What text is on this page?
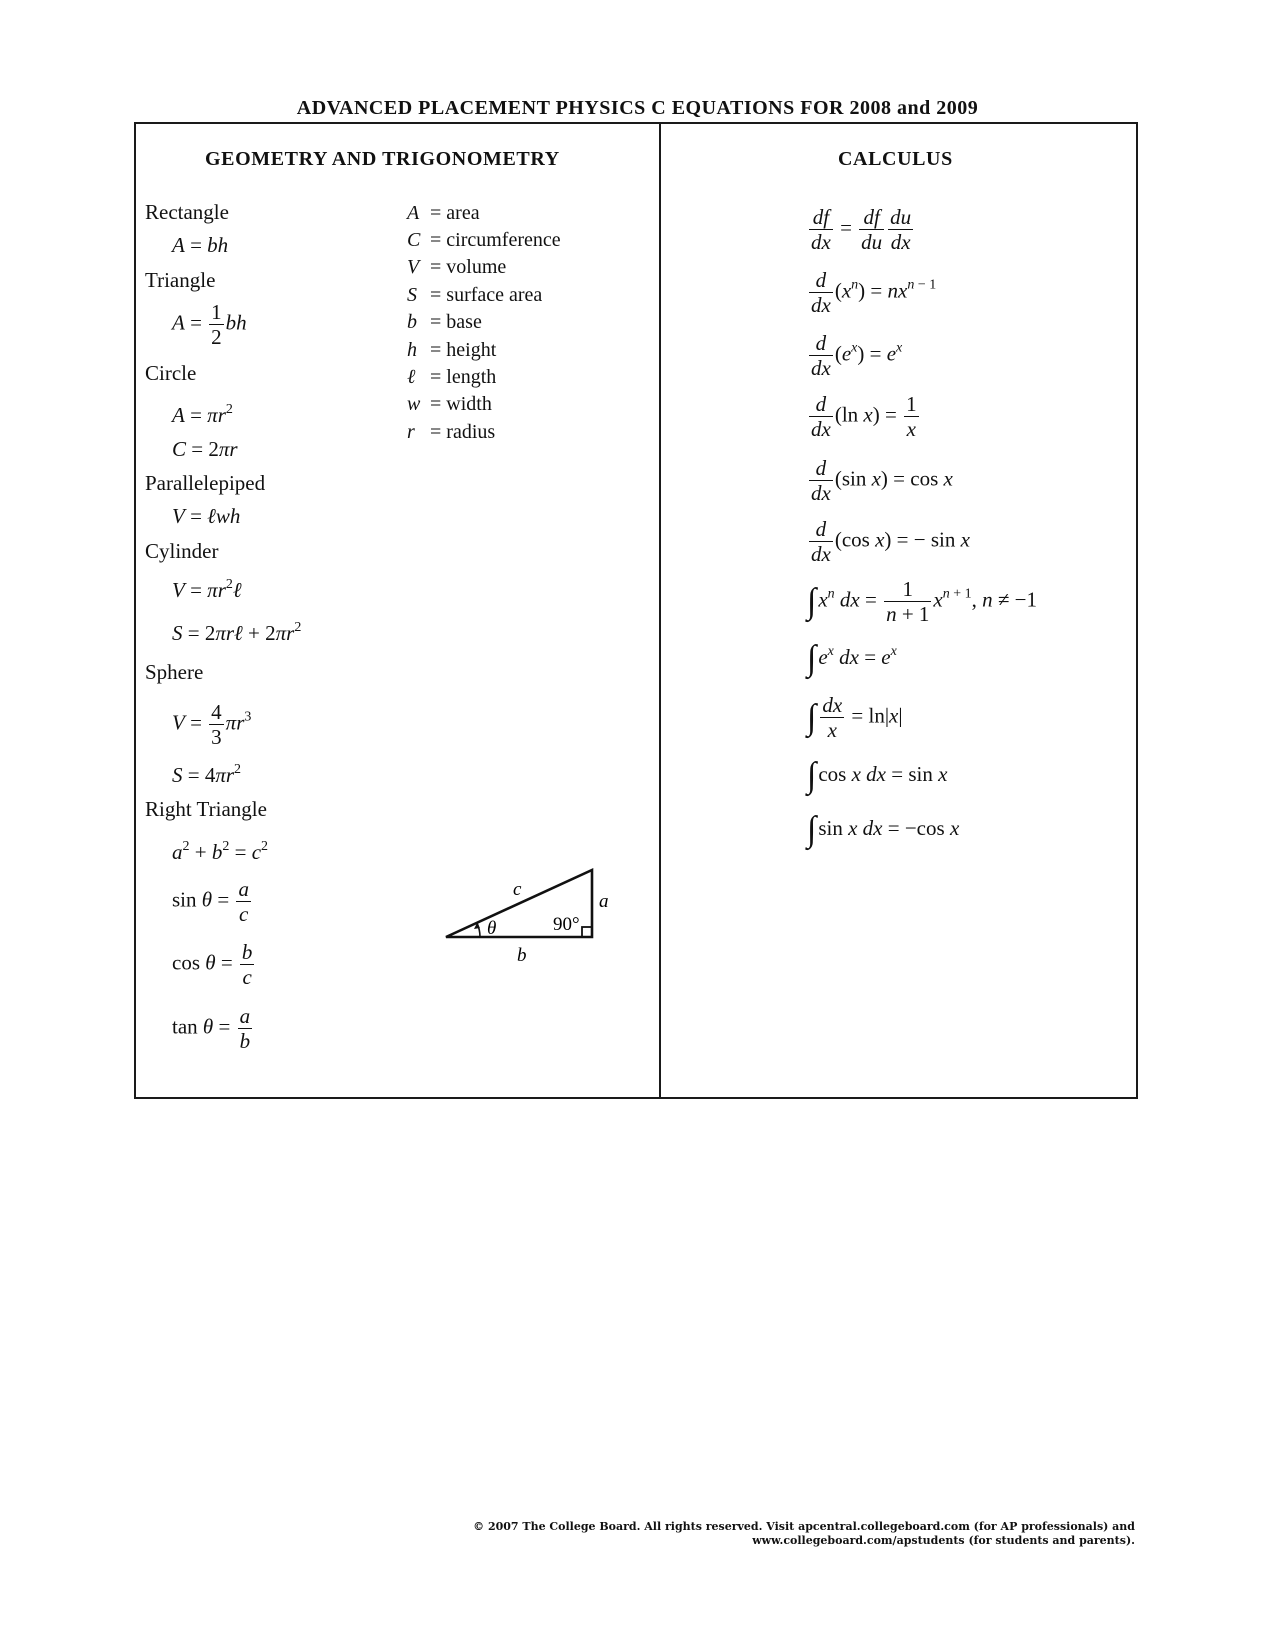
ADVANCED PLACEMENT PHYSICS C EQUATIONS FOR 2008 and 2009
GEOMETRY AND TRIGONOMETRY
Rectangle
A = bh
Triangle
$A = \frac{1}{2}$ bh
Circle
$A = \pi r^2$
C = 2πr
Parallelepiped
V = ℓwh
Cylinder
$V = \pi r^2\ell$
S = 2πrℓ + $2\pi r^2$
Sphere
$V = \frac{4}{3} \pi r^3$
$S = 4\pi r^2$
Right Triangle
$a^2 + b^2 = c^2$
$\sin \theta = \frac{a}{c}$
$\cos \theta = \frac{b}{c}$
$\tan \theta = \frac{a}{b}$
A = area
C = circumference
V = volume
S = surface area
b = base
h = height
ℓ = length
w = width
r = radius
c
a
b
θ	90°
CALCULUS
$\frac{df}{dx} = \frac{df}{du} \frac{du}{dx}$
$\frac{d}{dx} (x^n) = nx^{n - 1}$
$\frac{d}{dx} (e^x) = e^x$
$\frac{d}{dx} (\ln$ $x) = \frac{1}{x}$
$\frac{d}{dx} (\sin$ x) = cos x
$\frac{d}{dx} (\cos$ x) = − sin x
$\int x^n$ dx = $\frac{1}{n + 1} x^{n + 1}$, n ≠ −1
$\int e^x$ dx = $e^x$
∫ $\frac{dx}{x} = \ln|x|$
∫cos x dx = sin x
∫sin x dx = −cos x
© 2007 The College Board. All rights reserved. Visit apcentral.collegeboard.com (for AP professionals) and
www.collegeboard.com/apstudents (for students and parents).
